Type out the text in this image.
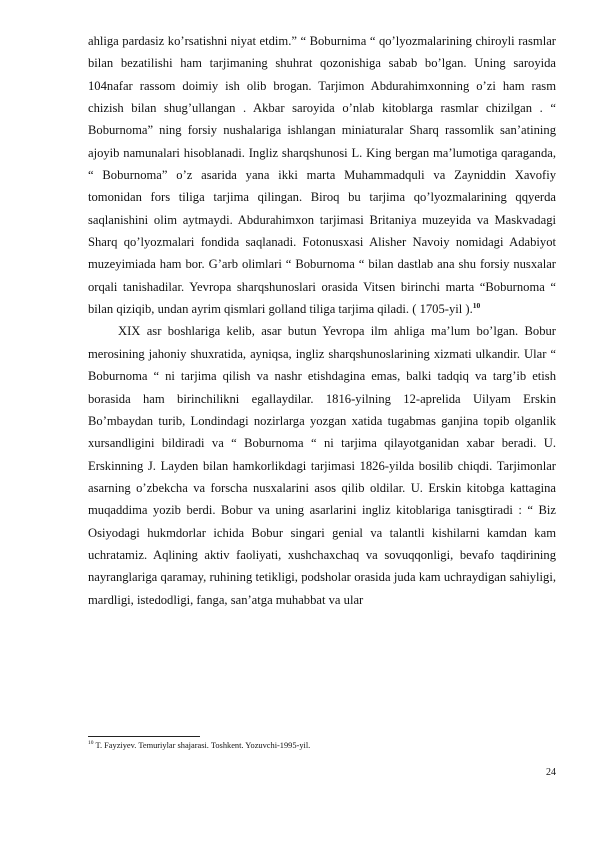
ahliga pardasiz ko’rsatishni niyat etdim.” “ Boburnima “ qo’lyozmalarining chiroyli rasmlar bilan bezatilishi ham tarjimaning shuhrat qozonishiga sabab bo’lgan. Uning saroyida 104nafar rassom doimiy ish olib brogan. Tarjimon Abdurahimxonning o’zi ham rasm chizish bilan shug’ullangan . Akbar saroyida o’nlab kitoblarga rasmlar chizilgan . “ Boburnoma” ning forsiy nushalariga ishlangan miniaturalar Sharq rassomlik san’atining ajoyib namunalari hisoblanadi. Ingliz sharqshunosi L. King bergan ma’lumotiga qaraganda, “ Boburnoma” o’z asarida yana ikki marta Muhammadquli va Zayniddin Xavofiy tomonidan fors tiliga tarjima qilingan. Biroq bu tarjima qo’lyozmalarining qqyerda saqlanishini olim aytmaydi. Abdurahimxon tarjimasi Britaniya muzeyida va Maskvadagi Sharq qo’lyozmalari fondida saqlanadi. Fotonusxasi Alisher Navoiy nomidagi Adabiyot muzeyimiada ham bor. G’arb olimlari “ Boburnoma “ bilan dastlab ana shu forsiy nusxalar orqali tanishadilar. Yevropa sharqshunoslari orasida Vitsen birinchi marta “Boburnoma “ bilan qiziqib, undan ayrim qismlari golland tiliga tarjima qiladi. ( 1705-yil ).$^{10}$

XIX asr boshlariga kelib, asar butun Yevropa ilm ahliga ma’lum bo’lgan. Bobur merosining jahoniy shuxratida, ayniqsa, ingliz sharqshunoslarining xizmati ulkandir. Ular “ Boburnoma “ ni tarjima qilish va nashr etishdagina emas, balki tadqiq va targ’ib etish borasida ham birinchilikni egallaydilar. 1816-yilning 12-aprelida Uilyam Erskin Bo’mbaydan turib, Londindagi nozirlarga yozgan xatida tugabmas ganjina topib olganlik xursandligini bildiradi va “ Boburnoma “ ni tarjima qilayotganidan xabar beradi. U. Erskinning J. Layden bilan hamkorlikdagi tarjimasi 1826-yilda bosilib chiqdi. Tarjimonlar asarning o’zbekcha va forscha nusxalarini asos qilib oldilar. U. Erskin kitobga kattagina muqaddima yozib berdi. Bobur va uning asarlarini ingliz kitoblariga tanisgtiradi : “ Biz Osiyodagi hukmdorlar ichida Bobur singari genial va talantli kishilarni kamdan kam uchratamiz. Aqlining aktiv faoliyati, xushchaxchaq va sovuqqonligi, bevafo taqdirining nayranglariga qaramay, ruhining tetikligi, podsholar orasida juda kam uchraydigan sahiyligi, mardligi, istedodligi, fanga, san’atga muhabbat va ular

$^{10}$ T. Fayziyev. Temuriylar shajarasi. Toshkent. Yozuvchi-1995-yil.
24
